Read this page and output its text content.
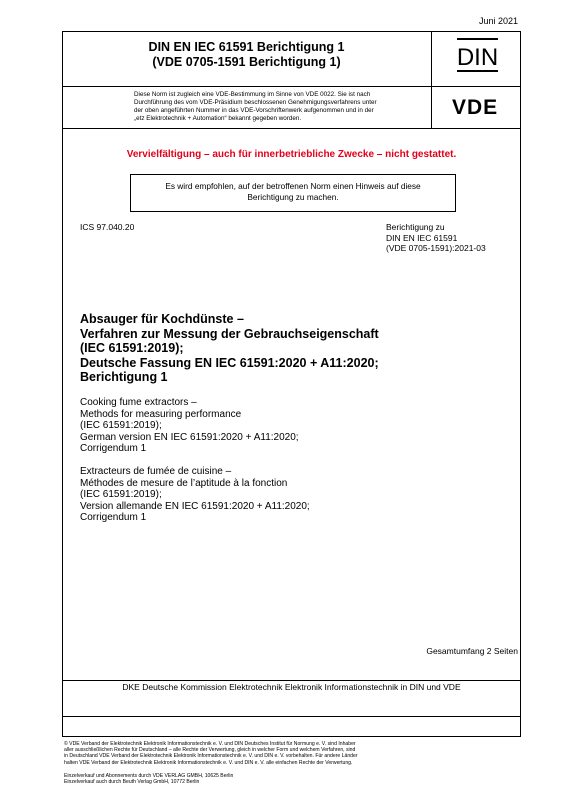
Juni 2021
DIN EN IEC 61591 Berichtigung 1
(VDE 0705-1591 Berichtigung 1)	DIN
Diese Norm ist zugleich eine VDE-Bestimmung im Sinne von VDE 0022. Sie ist nach
Durchführung des vom VDE-Präsidium beschlossenen Genehmigungsverfahrens unter
der oben angeführten Nummer in das VDE-Vorschriftenwerk aufgenommen und in der
„etz Elektrotechnik + Automation“ bekannt gegeben worden.	VDE
Vervielfältigung – auch für innerbetriebliche Zwecke – nicht gestattet.
Es wird empfohlen, auf der betroffenen Norm einen Hinweis auf diese
Berichtigung zu machen.
ICS 97.040.20	Berichtigung zu
DIN EN IEC 61591
(VDE 0705-1591):2021-03
Absauger für Kochdünste –
Verfahren zur Messung der Gebrauchseigenschaft
(IEC 61591:2019);
Deutsche Fassung EN IEC 61591:2020 + A11:2020;
Berichtigung 1
Cooking fume extractors –
Methods for measuring performance
(IEC 61591:2019);
German version EN IEC 61591:2020 + A11:2020;
Corrigendum 1
Extracteurs de fumée de cuisine –
Méthodes de mesure de l’aptitude à la fonction
(IEC 61591:2019);
Version allemande EN IEC 61591:2020 + A11:2020;
Corrigendum 1
Gesamtumfang 2 Seiten
DKE Deutsche Kommission Elektrotechnik Elektronik Informationstechnik in DIN und VDE
© VDE Verband der Elektrotechnik Elektronik Informationstechnik e. V. und DIN Deutsches Institut für Normung e. V. sind Inhaber
aller ausschließlichen Rechte für Deutschland – alle Rechte der Verwertung, gleich in welcher Form und welchem Verfahren, sind
in Deutschland VDE Verband der Elektrotechnik Elektronik Informationstechnik e. V. und DIN e. V. vorbehalten. Für andere Länder
halten VDE Verband der Elektrotechnik Elektronik Informationstechnik e. V. und DIN e. V. alle einfachen Rechte der Verwertung.
Einzelverkauf und Abonnements durch VDE VERLAG GMBH, 10625 Berlin
Einzelverkauf auch durch Beuth Verlag GmbH, 10772 Berlin
